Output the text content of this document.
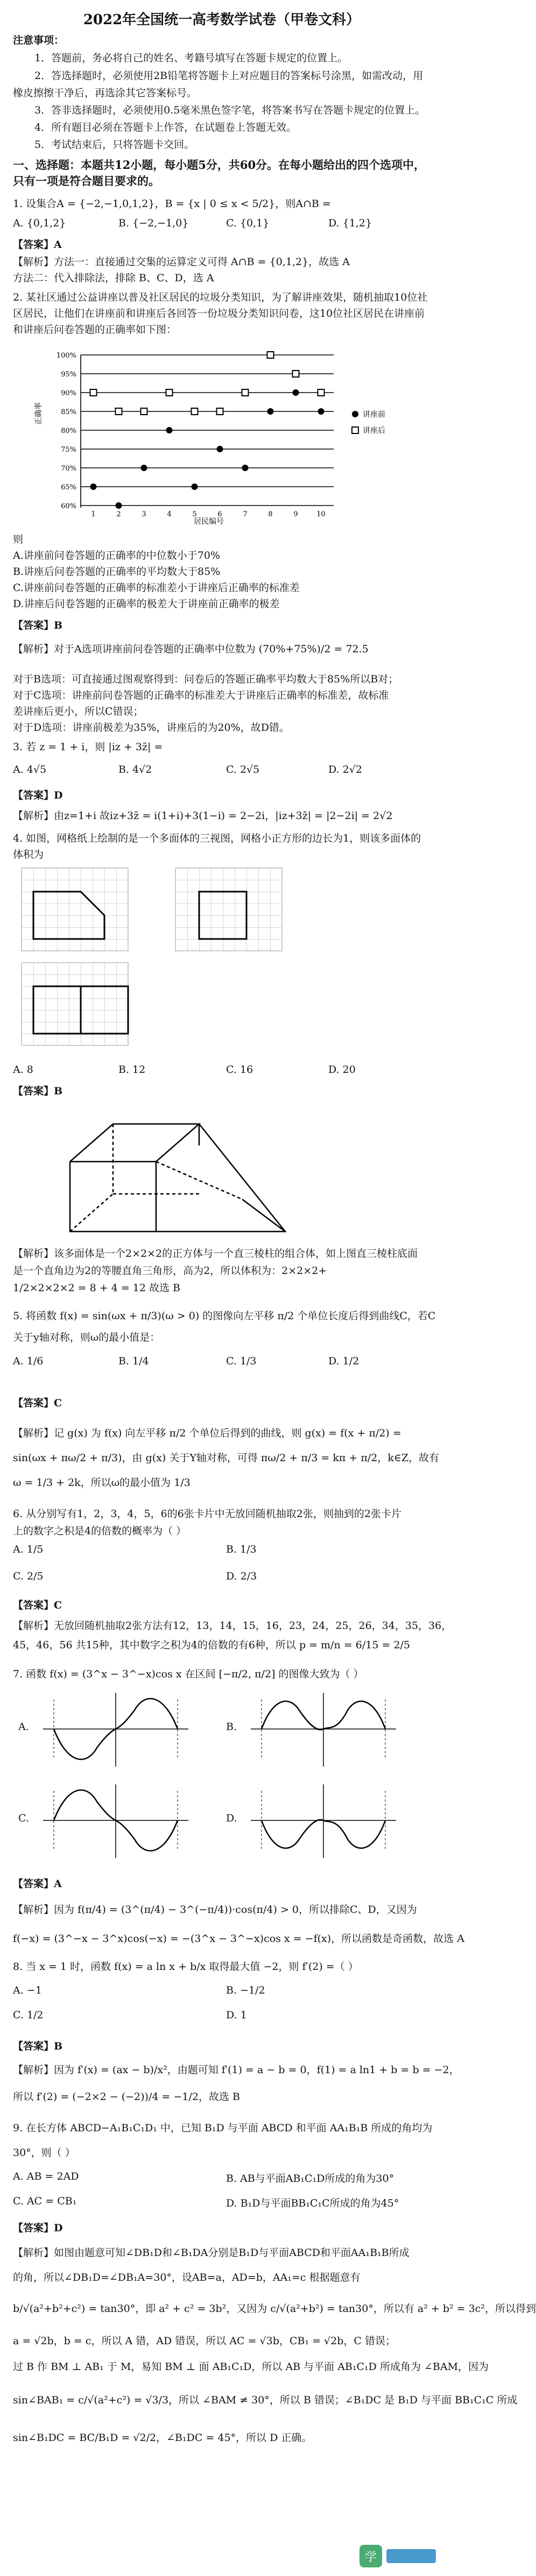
2022年全国统一高考数学试卷（甲卷文科）
注意事项：
1．答题前，务必将自己的姓名、考籍号填写在答题卡规定的位置上。
2．答选择题时，必须使用2B铅笔将答题卡上对应题目的答案标号涂黑，如需改动，用
橡皮擦擦干净后，再选涂其它答案标号。
3．答非选择题时，必须使用0.5毫米黑色签字笔，将答案书写在答题卡规定的位置上。
4．所有题目必须在答题卡上作答，在试题卷上答题无效。
5．考试结束后，只将答题卡交回。
一、选择题：本题共12小题，每小题5分，共60分。在每小题给出的四个选项中，只有一项是符合题目要求的。
1. 设集合A = {−2,−1,0,1,2}，B = {x | 0 ≤ x < 5/2}，则A∩B =
A. {0,1,2}	B. {−2,−1,0}	C. {0,1}	D. {1,2}
【答案】A
【解析】方法一：直接通过交集的运算定义可得 A∩B = {0,1,2}，故选 A
方法二：代入排除法，排除 B、C、D，选 A
2. 某社区通过公益讲座以普及社区居民的垃圾分类知识，为了解讲座效果，随机抽取10位社
区居民，让他们在讲座前和讲座后各回答一份垃圾分类知识问卷，这10位社区居民在讲座前
和讲座后问卷答题的正确率如下图：
100%
95%
90%
85%
80%
75%
70%
65%
60%
1	2	3	4	5	6	7	8	9	10
正确率
居民编号
讲座前
讲座后
则
A.讲座前问卷答题的正确率的中位数小于70%
B.讲座后问卷答题的正确率的平均数大于85%
C.讲座前问卷答题的正确率的标准差小于讲座后正确率的标准差
D.讲座后问卷答题的正确率的极差大于讲座前正确率的极差
【答案】B
【解析】对于A选项讲座前问卷答题的正确率中位数为 (70%+75%)/2 = 72.5
对于B选项：可直接通过图观察得到：问卷后的答题正确率平均数大于85%所以B对；
对于C选项：讲座前问卷答题的正确率的标准差大于讲座后正确率的标准差，故标准
差讲座后更小，所以C错误；
对于D选项：讲座前极差为35%，讲座后的为20%，故D错。
3. 若 z = 1 + i，则 |iz + 3z̄| =
A. 4√5	B. 4√2	C. 2√5	D. 2√2
【答案】D
【解析】由z=1+i 故iz+3z̄ = i(1+i)+3(1−i) = 2−2i，|iz+3z̄| = |2−2i| = 2√2
4. 如图，网格纸上绘制的是一个多面体的三视图，网格小正方形的边长为1，则该多面体的
体积为
A. 8	B. 12	C. 16	D. 20
【答案】B
【解析】该多面体是一个2×2×2的正方体与一个直三棱柱的组合体，如上图直三棱柱底面
是一个直角边为2的等腰直角三角形，高为2，所以体积为：2×2×2+
1/2×2×2×2 = 8 + 4 = 12 故选 B
5. 将函数 f(x) = sin(ωx + π/3)(ω > 0) 的图像向左平移 π/2 个单位长度后得到曲线C，若C
关于y轴对称，则ω的最小值是：
A. 1/6	B. 1/4	C. 1/3	D. 1/2
【答案】C
【解析】记 g(x) 为 f(x) 向左平移 π/2 个单位后得到的曲线，则 g(x) = f(x + π/2) =
sin(ωx + πω/2 + π/3)，由 g(x) 关于Y轴对称，可得 πω/2 + π/3 = kπ + π/2，k∈Z，故有
ω = 1/3 + 2k，所以ω的最小值为 1/3
6. 从分别写有1，2，3，4，5，6的6张卡片中无放回随机抽取2张，则抽到的2张卡片
上的数字之积是4的倍数的概率为（ ）
A. 1/5	B. 1/3
C. 2/5	D. 2/3
【答案】C
【解析】无放回随机抽取2张方法有12，13，14，15，16，23，24，25，26，34，35，36，
45，46，56 共15种，其中数字之积为4的倍数的有6种，所以 p = m/n = 6/15 = 2/5
7. 函数 f(x) = (3^x − 3^−x)cos x 在区间 [−π/2, π/2] 的图像大致为（ ）
A.	B.
C.	D.
【答案】A
【解析】因为 f(π/4) = (3^(π/4) − 3^(−π/4))·cos(π/4) > 0，所以排除C、D，又因为
f(−x) = (3^−x − 3^x)cos(−x) = −(3^x − 3^−x)cos x = −f(x)，所以函数是奇函数，故选 A
8. 当 x = 1 时，函数 f(x) = a ln x + b/x 取得最大值 −2，则 f′(2) =（ ）
A. −1	B. −1/2
C. 1/2	D. 1
【答案】B
【解析】因为 f′(x) = (ax − b)/x²，由题可知 f′(1) = a − b = 0，f(1) = a ln1 + b = b = −2，
所以 f′(2) = (−2×2 − (−2))/4 = −1/2，故选 B
9. 在长方体 ABCD−A₁B₁C₁D₁ 中，已知 B₁D 与平面 ABCD 和平面 AA₁B₁B 所成的角均为
30°，则（ ）
A. AB = 2AD	B. AB与平面AB₁C₁D所成的角为30°
C. AC = CB₁	D. B₁D与平面BB₁C₁C所成的角为45°
【答案】D
【解析】如图由题意可知∠DB₁D和∠B₁DA分别是B₁D与平面ABCD和平面AA₁B₁B所成
的角，所以∠DB₁D=∠DB₁A=30°，设AB=a，AD=b，AA₁=c 根据题意有
b/√(a²+b²+c²) = tan30°，即 a² + c² = 3b²，又因为 c/√(a²+b²) = tan30°，所以有 a² + b² = 3c²，所以得到
a = √2b，b = c，所以 A 错，AD 错误，所以 AC = √3b，CB₁ = √2b，C 错误；
过 B 作 BM ⊥ AB₁ 于 M，易知 BM ⊥ 面 AB₁C₁D，所以 AB 与平面 AB₁C₁D 所成角为 ∠BAM，因为
sin∠BAB₁ = c/√(a²+c²) = √3/3，所以 ∠BAM ≠ 30°，所以 B 错误；∠B₁DC 是 B₁D 与平面 BB₁C₁C 所成
sin∠B₁DC = BC/B₁D = √2/2，∠B₁DC = 45°，所以 D 正确。
学
